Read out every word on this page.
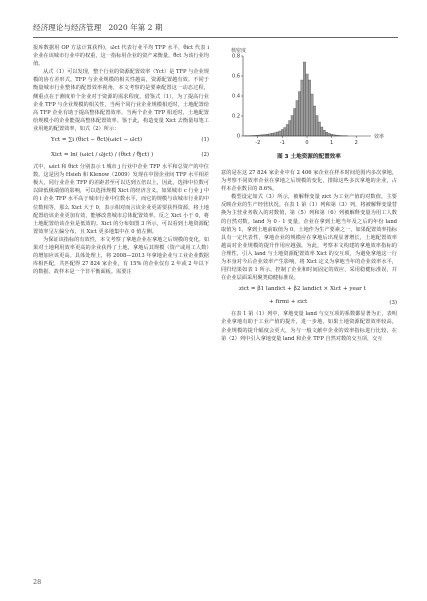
经济理论与经济管理 2020 年第 2 期

报库数据用 OP 方法计算获得)，ω̄ct 代表行业平均 TFP 水平，θict 代表 i 企业在该城市行业中的权重，这一指标用企业的资产来衡量，θ̄ct 为该行业均值。

从式（1）可以发现，整个行业的资源配置效率（Yct）是 TFP 与企业规模的协方差形式。TFP 与企业规模的相关性越高，资源配置越有效。不同于衡量城市行业整体的配置效率视角，本文考察的是要素配置这一动态过程，侧重点在于测度单个企业对于资源的需求程度。借鉴式（1），为了提高行业企业 TFP 与企业规模的相关性，当两个同行业企业规模相近时，土地配置给高 TFP 企业有助于提高整体配置效率。当两个企业 TFP 相近时，土地配置给规模小的企业能提高整体配置效率。鉴于此，构造变量 Xict 去衡量每笔工业用地的配置效率，如式（2）所示：

Yct = ∑i (θict − θ̄ct)(ωict − ω̄ct)	(1)
Xict = ln( (ωict / ω̄jct) / (θict / θ̄jct) )	(2)

式中，ωict 和 θict 分别表示 t 城市 j 行业中企业 TFP 水平和总资产的中位数。这是因为 Hsieh 和 Klenow（2009）发现在中国企业间 TFP 水平相差极大，同行业企业 TFP 的差距甚至可以达到五倍以上，因此，选择中位数可以降低极端值的影响，可以选择规模 Xict 的经济含义。如果城市 c 行业 j 中的 i 企业 TFP 水平高于城市行业中位数水平，而它的规模与该城市行业的中位数相等，那么 Xict 大于 0，表示相对而言该企业更需要获得资源，将土地配置给该企业更加有效，能够改善城市总体配置效率。反之 Xict 小于 0，将土地配置给该企业是低效的。Xict 的分布如图 3 所示，可以看到土地资源配置效率呈左偏分布，且 Xict 更多地集中在 0 值左侧。

为保证该指标的有效性，本文考察了拿地企业在拿地之后规模的变化。如果对土地利用效率更高的企业获得了土地，拿地后其规模（资产或用工人数）的增加应该更高。具体处理上，将 2008—2013 年拿地企业与工业企业数据库相匹配，共匹配得 27 824 家企业，有 15% 的企业仅有 2 年或 2 年以下的数据，故样本是一个非平衡面板。需要注

0
0.2
0.4
0.6
0.8
-2	-1	0	1	2
核密度
效率
图 3 土地资源的配置效率

意的是在这 27 824 家企业中有 2 406 家企业在样本时间范围内多次拿地，为考察不同效率企业在拿地之后规模的变化，排除这些多次拿地的企业，占样本企业数目的 8.6%。

模型设定如式（3）所示，被解释变量 zict 为工业产值的对数值，主要反映企业的生产经营状况。在表 1 第（1）列和第（3）列，将被解释变量替换为主营业务收入的对数值，第（5）列和第（6）列被解释变量为用工人数的自然对数。land 为 0 - 1 变量，企业在拿到土地当年及之后的年份 land 取值为 1，拿到土地前取值为 0，土地作为生产要素之一，如果配置效率指标具有一定代表性，拿地企业的规模应在拿地后出现显著增长，土地配置效率越高对企业规模的提升作用应越强。为此，考察本文构建的拿地效率指标的合理性，引入 land 与土地资源配置效率 Xict 的交互项，为避免拿地这一行为本身对今后企业效率产生影响，将 Xict 定义为拿地当年的企业效率水平，同归结果如表 1 所示，控制了企业和时间固定的效应，采用稳健标准误，并在企业层面采用聚类稳健标准误。

zict = β1 landict + β2 landict × Xict + year t
+ firmi + εict	(3)

在表 1 第（1）列中，拿地变量 land 与交互项的系数都显著为正，表明企业拿地有助于工业产值的提升，进一步地，如果土地资源配置效率较高，企业规模的提升幅度会更大，为与一般文献中企业的效率指标进行比较，在第（2）列中引入拿地变量 land 和企业 TFP 自然对数的交互项，交互

28
